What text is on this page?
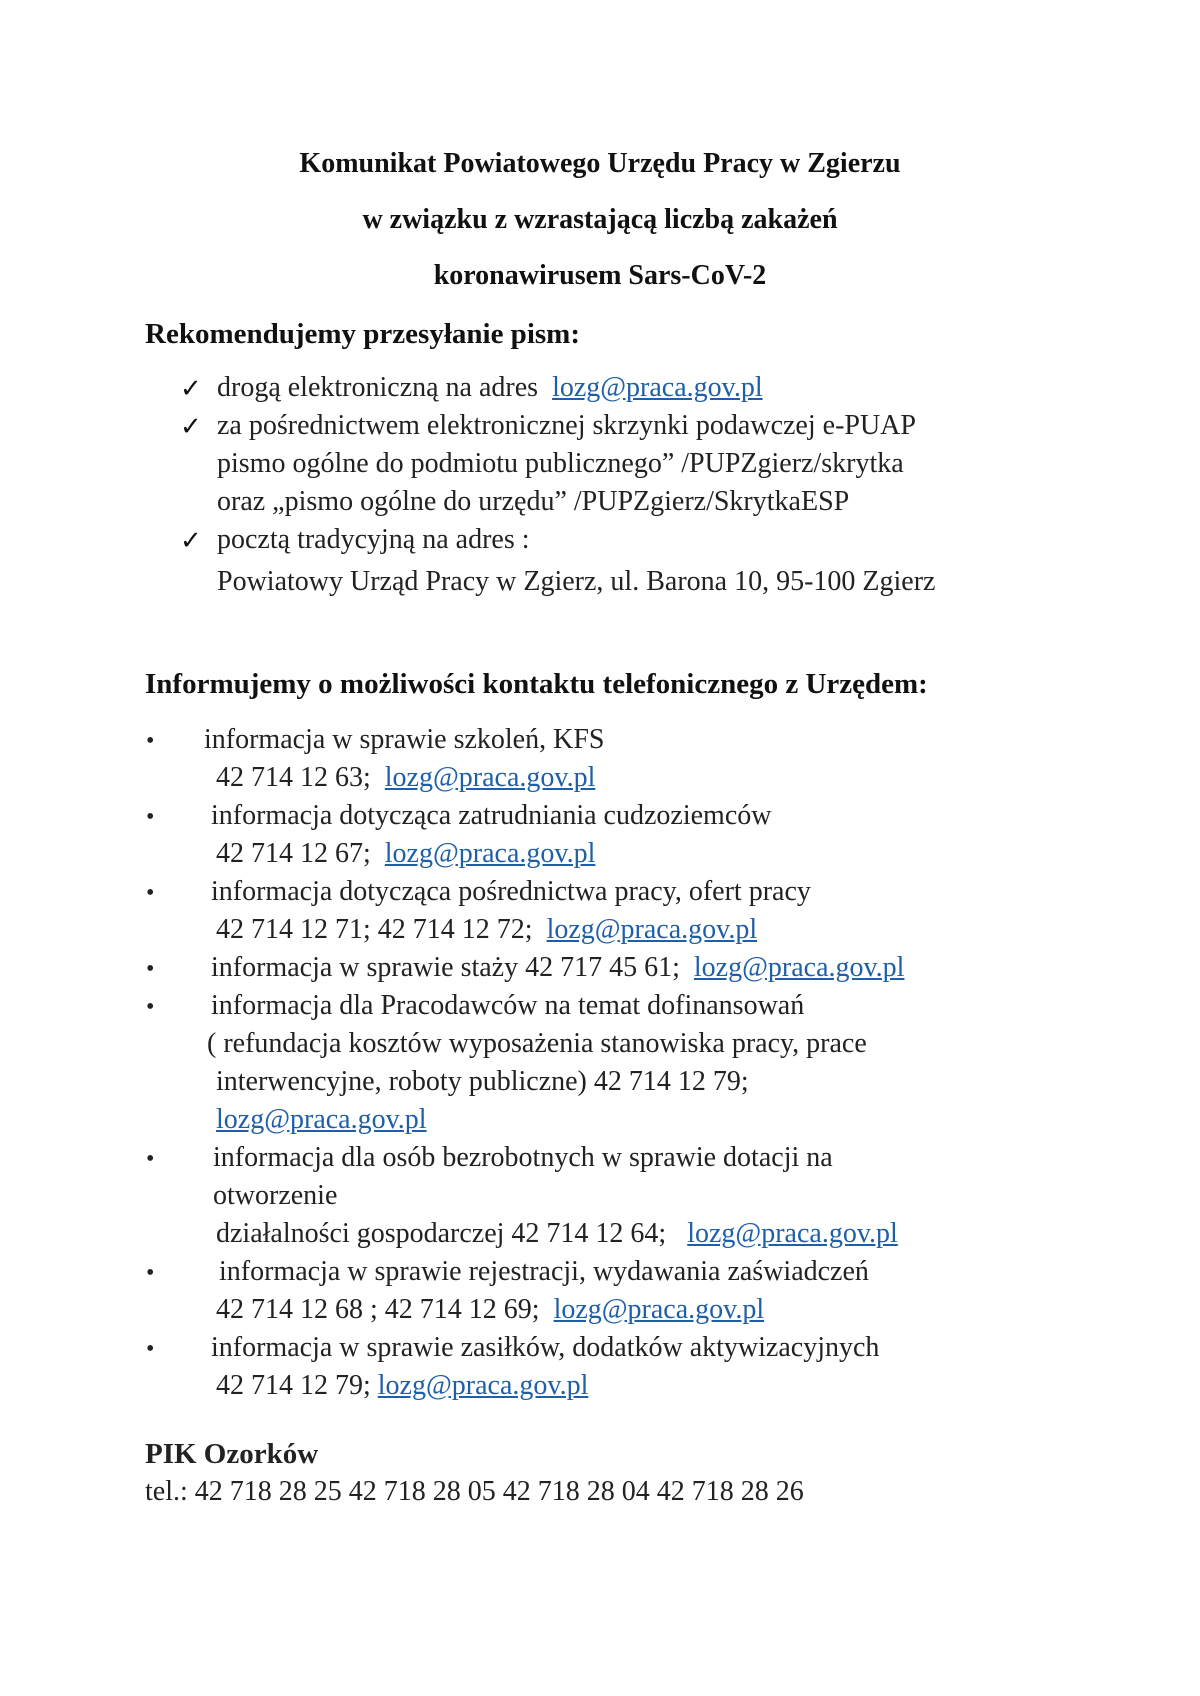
Komunikat Powiatowego Urzędu Pracy w Zgierzu
w związku z wzrastającą liczbą zakażeń
koronawirusem Sars-CoV-2
Rekomendujemy przesyłanie pism:
✓ drogą elektroniczną na adres lozg@praca.gov.pl
✓ za pośrednictwem elektronicznej skrzynki podawczej e-PUAP
pismo ogólne do podmiotu publicznego” /PUPZgierz/skrytka
oraz „pismo ogólne do urzędu” /PUPZgierz/SkrytkaESP
✓ pocztą tradycyjną na adres :
Powiatowy Urząd Pracy w Zgierz, ul. Barona 10, 95-100 Zgierz
Informujemy o możliwości kontaktu telefonicznego z Urzędem:
• informacja w sprawie szkoleń, KFS
42 714 12 63; lozg@praca.gov.pl
• informacja dotycząca zatrudniania cudzoziemców
42 714 12 67; lozg@praca.gov.pl
• informacja dotycząca pośrednictwa pracy, ofert pracy
42 714 12 71; 42 714 12 72; lozg@praca.gov.pl
• informacja w sprawie staży 42 717 45 61; lozg@praca.gov.pl
• informacja dla Pracodawców na temat dofinansowań
( refundacja kosztów wyposażenia stanowiska pracy, prace
interwencyjne, roboty publiczne) 42 714 12 79;
lozg@praca.gov.pl
• informacja dla osób bezrobotnych w sprawie dotacji na
otworzenie
działalności gospodarczej 42 714 12 64; lozg@praca.gov.pl
• informacja w sprawie rejestracji, wydawania zaświadczeń
42 714 12 68 ; 42 714 12 69; lozg@praca.gov.pl
• informacja w sprawie zasiłków, dodatków aktywizacyjnych
42 714 12 79; lozg@praca.gov.pl
PIK Ozorków
tel.: 42 718 28 25 42 718 28 05 42 718 28 04 42 718 28 26
